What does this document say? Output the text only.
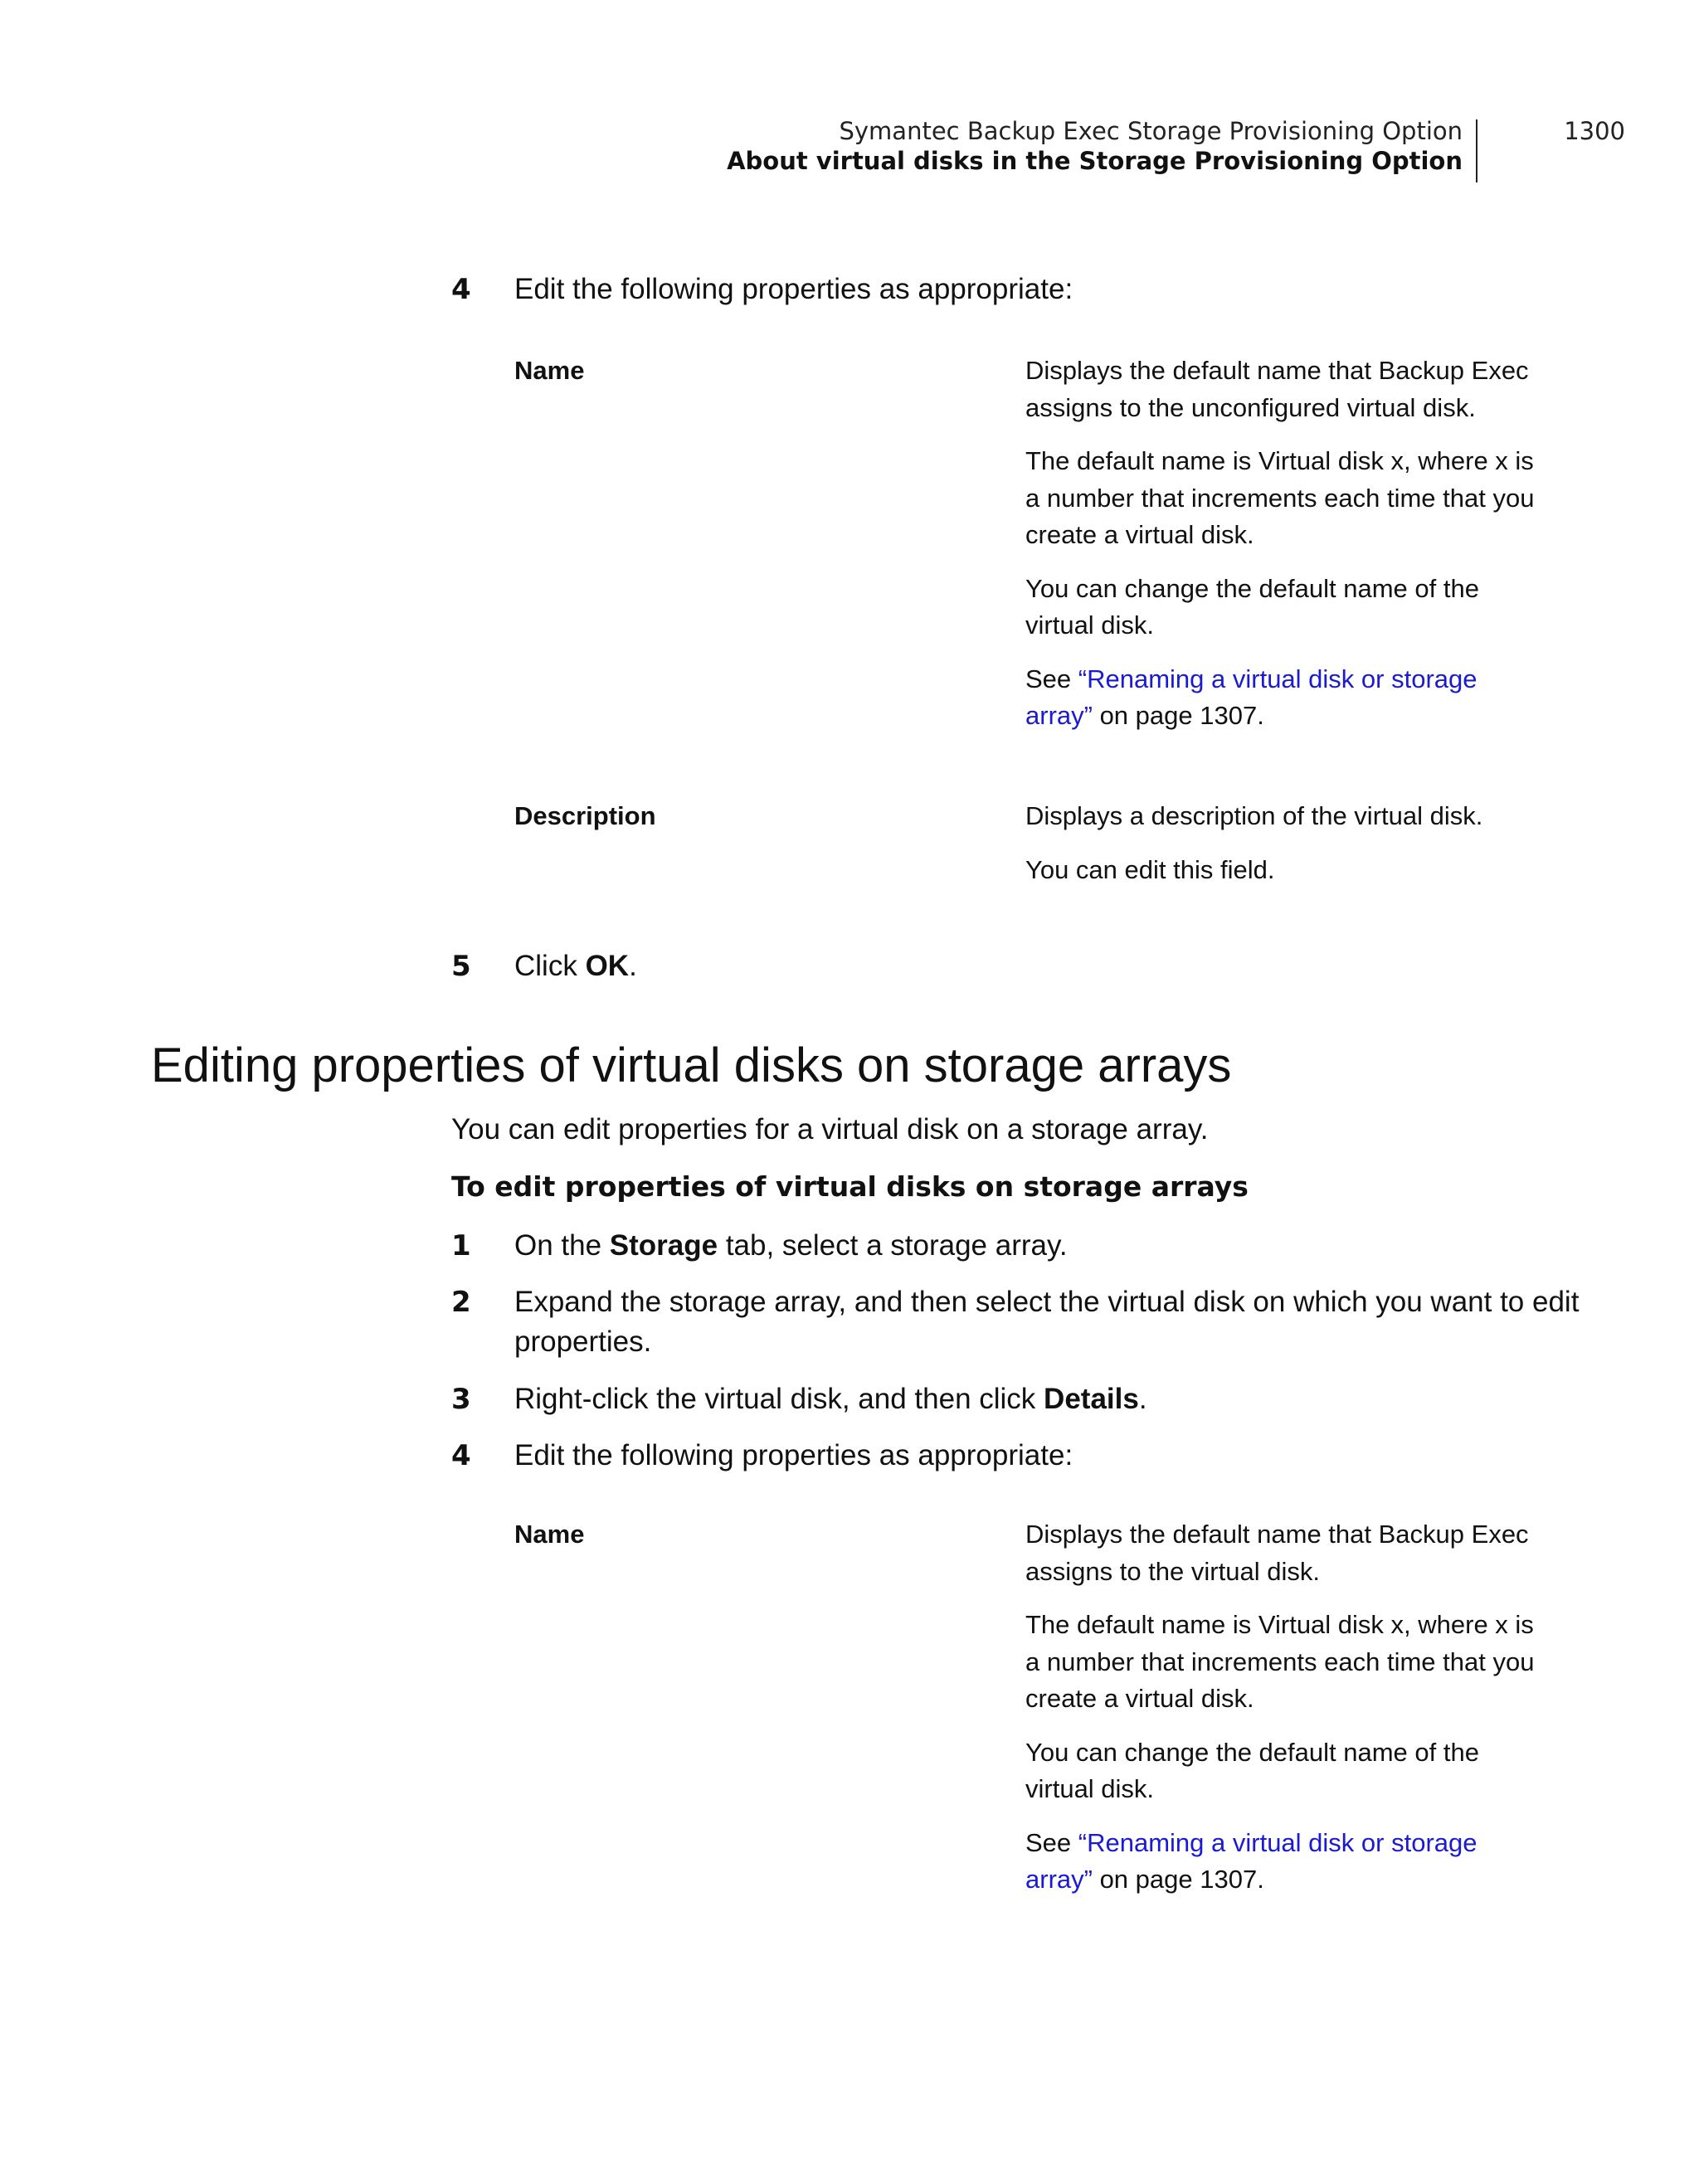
Symantec Backup Exec Storage Provisioning Option
About virtual disks in the Storage Provisioning Option
1300
4	Edit the following properties as appropriate:
Name	Displays the default name that Backup Exec assigns to the unconfigured virtual disk.

The default name is Virtual disk x, where x is a number that increments each time that you create a virtual disk.

You can change the default name of the virtual disk.

See “Renaming a virtual disk or storage array” on page 1307.

Description	Displays a description of the virtual disk.

You can edit this field.

5	Click OK.
Editing properties of virtual disks on storage arrays

You can edit properties for a virtual disk on a storage array.

To edit properties of virtual disks on storage arrays

1	On the Storage tab, select a storage array.
2	Expand the storage array, and then select the virtual disk on which you want to edit properties.
3	Right-click the virtual disk, and then click Details.
4	Edit the following properties as appropriate:
Name	Displays the default name that Backup Exec assigns to the virtual disk.

The default name is Virtual disk x, where x is a number that increments each time that you create a virtual disk.

You can change the default name of the virtual disk.

See “Renaming a virtual disk or storage array” on page 1307.
